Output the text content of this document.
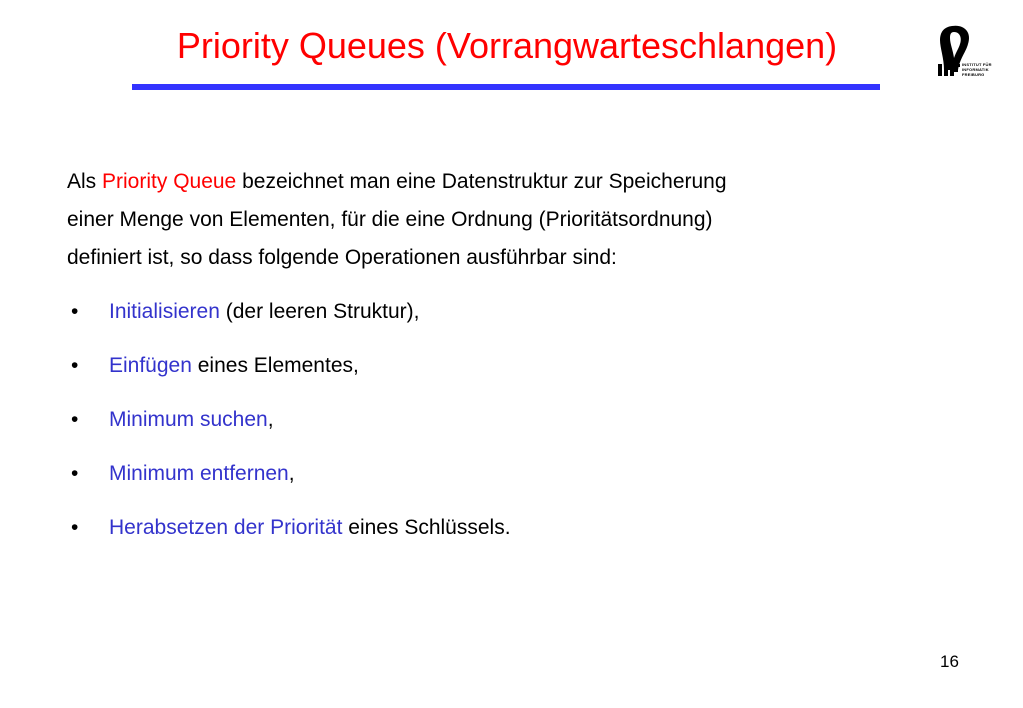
Priority Queues (Vorrangwarteschlangen)	INSTITUT FÜR
INFORMATIK
FREIBURG
Als Priority Queue bezeichnet man eine Datenstruktur zur Speicherung
einer Menge von Elementen, für die eine Ordnung (Prioritätsordnung)
definiert ist, so dass folgende Operationen ausführbar sind:
•	Initialisieren (der leeren Struktur),
•	Einfügen eines Elementes,
•	Minimum suchen ,
•	Minimum entfernen ,
•	Herabsetzen der Priorität eines Schlüssels.
16
